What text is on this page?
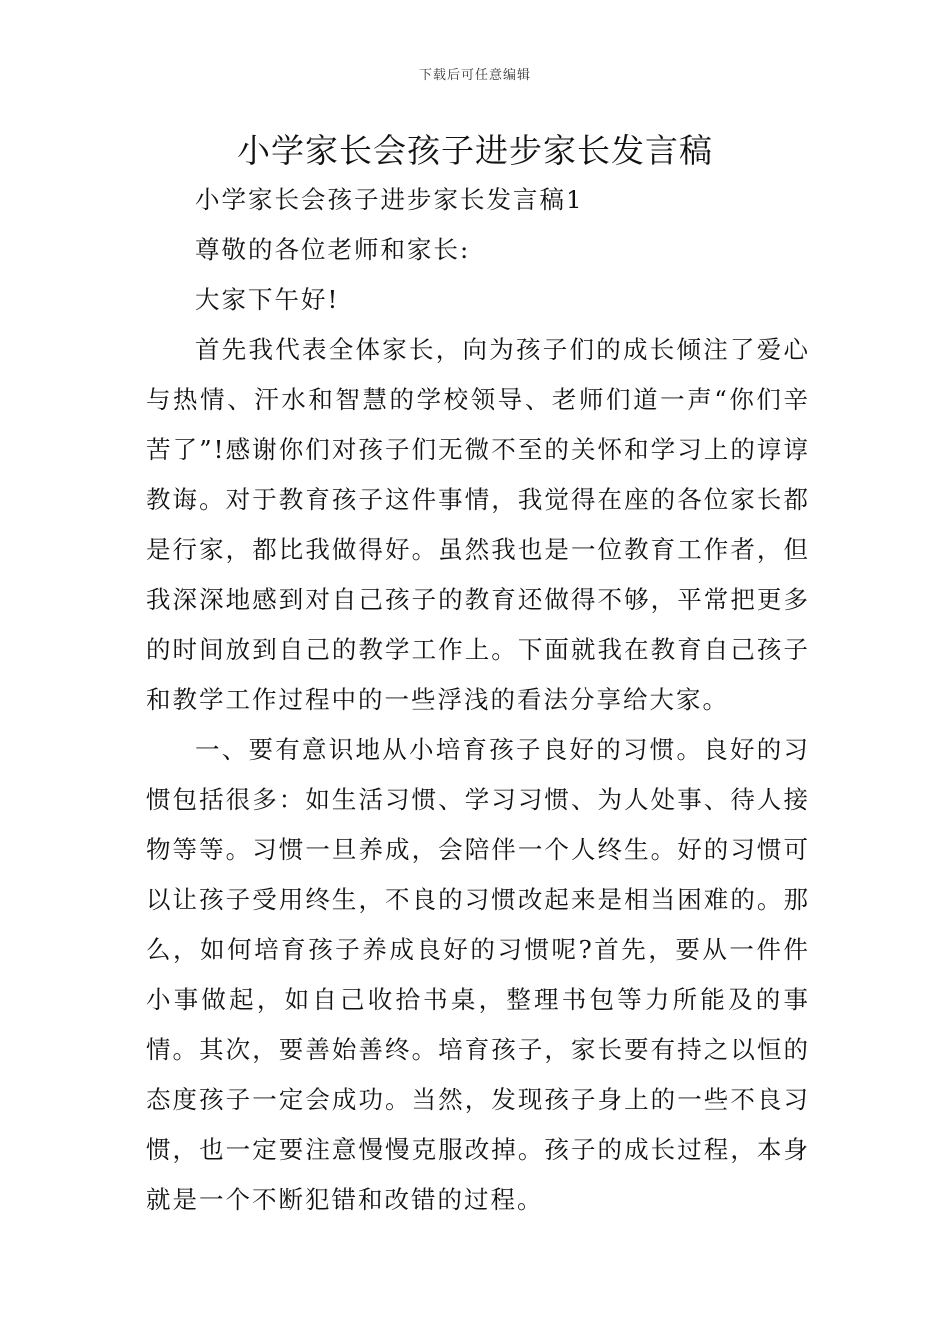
下载后可任意编辑
小学家长会孩子进步家长发言稿

小学家长会孩子进步家长发言稿1

尊敬的各位老师和家长:

大家下午好!

首先我代表全体家长，向为孩子们的成长倾注了爱心与热情、汗水和智慧的学校领导、老师们道一声“你们辛苦了”!感谢你们对孩子们无微不至的关怀和学习上的谆谆教诲。对于教育孩子这件事情，我觉得在座的各位家长都是行家，都比我做得好。虽然我也是一位教育工作者，但我深深地感到对自己孩子的教育还做得不够，平常把更多的时间放到自己的教学工作上。下面就我在教育自己孩子和教学工作过程中的一些浮浅的看法分享给大家。

一、要有意识地从小培育孩子良好的习惯。良好的习惯包括很多：如生活习惯、学习习惯、为人处事、待人接物等等。习惯一旦养成，会陪伴一个人终生。好的习惯可以让孩子受用终生，不良的习惯改起来是相当困难的。那么，如何培育孩子养成良好的习惯呢?首先，要从一件件小事做起，如自己收拾书桌，整理书包等力所能及的事情。其次，要善始善终。培育孩子，家长要有持之以恒的态度孩子一定会成功。当然，发现孩子身上的一些不良习惯，也一定要注意慢慢克服改掉。孩子的成长过程，本身就是一个不断犯错和改错的过程。
